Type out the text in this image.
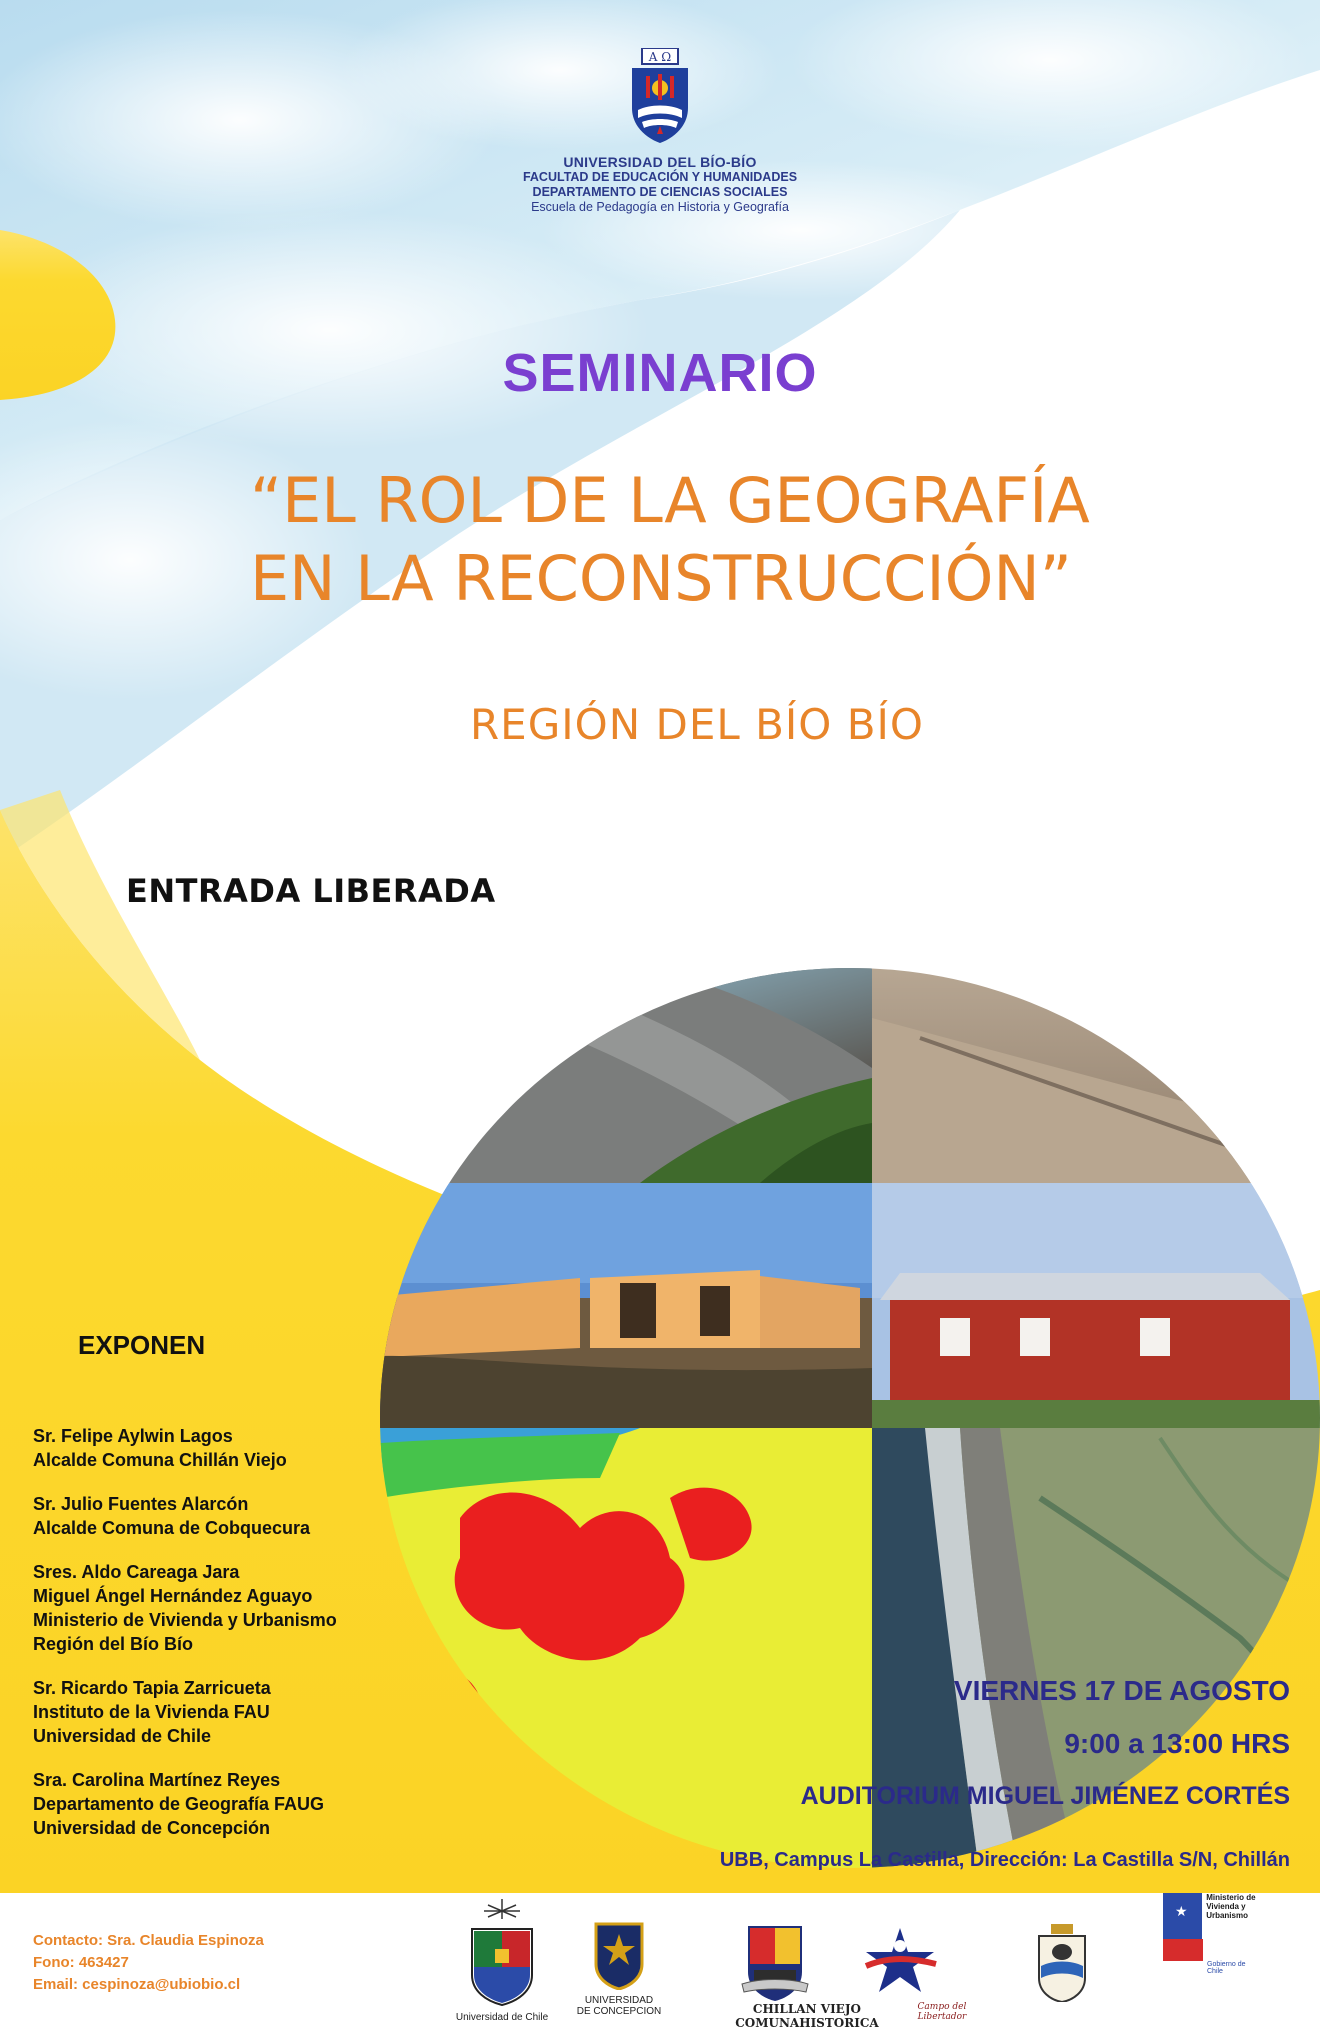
A Ω
UNIVERSIDAD DEL BÍO-BÍO
FACULTAD DE EDUCACIÓN Y HUMANIDADES
DEPARTAMENTO DE CIENCIAS SOCIALES
Escuela de Pedagogía en Historia y Geografía
SEMINARIO
“EL ROL DE LA GEOGRAFÍA
EN LA RECONSTRUCCIÓN”
REGIÓN DEL BÍO BÍO
ENTRADA LIBERADA
EXPONEN
Sr. Felipe Aylwin Lagos
Alcalde Comuna Chillán Viejo
Sr. Julio Fuentes Alarcón
Alcalde Comuna de Cobquecura
Sres. Aldo Careaga Jara
Miguel Ángel Hernández Aguayo
Ministerio de Vivienda y Urbanismo
Región del Bío Bío
Sr. Ricardo Tapia Zarricueta
Instituto de la Vivienda FAU
Universidad de Chile
Sra. Carolina Martínez Reyes
Departamento de Geografía FAUG
Universidad de Concepción
VIERNES 17 DE AGOSTO
9:00 a 13:00 HRS
AUDITORIUM MIGUEL JIMÉNEZ CORTÉS
UBB, Campus La Castilla, Dirección: La Castilla S/N, Chillán
Contacto: Sra. Claudia Espinoza
Fono: 463427
Email: cespinoza@ubiobio.cl
Universidad de Chile
UNIVERSIDAD
DE CONCEPCION	CHILLAN VIEJO COMUNAHISTORICA
Campo del Libertador
★
Ministerio de
Vivienda y
Urbanismo
Gobierno de Chile
